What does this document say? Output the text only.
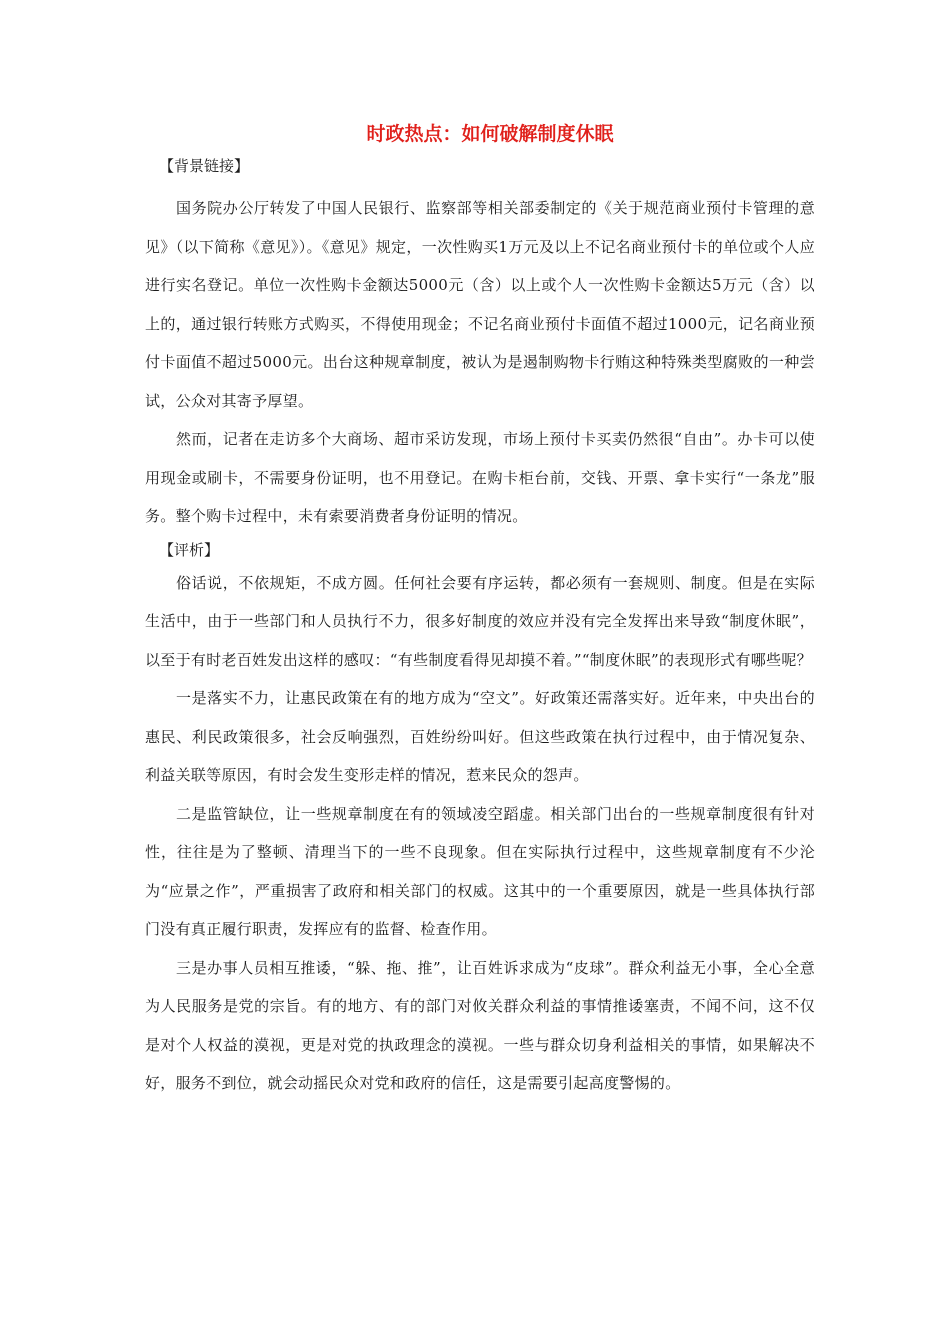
时政热点：如何破解制度休眠
【背景链接】

国务院办公厅转发了中国人民银行、监察部等相关部委制定的《关于规范商业预付卡管理的意见》（以下简称《意见》）。《意见》规定，一次性购买1万元及以上不记名商业预付卡的单位或个人应进行实名登记。单位一次性购卡金额达5000元（含）以上或个人一次性购卡金额达5万元（含）以上的，通过银行转账方式购买，不得使用现金；不记名商业预付卡面值不超过1000元，记名商业预付卡面值不超过5000元。出台这种规章制度，被认为是遏制购物卡行贿这种特殊类型腐败的一种尝试，公众对其寄予厚望。

然而，记者在走访多个大商场、超市采访发现，市场上预付卡买卖仍然很“自由”。办卡可以使用现金或刷卡，不需要身份证明，也不用登记。在购卡柜台前，交钱、开票、拿卡实行“一条龙”服务。整个购卡过程中，未有索要消费者身份证明的情况。

【评析】

俗话说，不依规矩，不成方圆。任何社会要有序运转，都必须有一套规则、制度。但是在实际生活中，由于一些部门和人员执行不力，很多好制度的效应并没有完全发挥出来导致“制度休眠”，以至于有时老百姓发出这样的感叹：“有些制度看得见却摸不着。”“制度休眠”的表现形式有哪些呢？

一是落实不力，让惠民政策在有的地方成为“空文”。好政策还需落实好。近年来，中央出台的惠民、利民政策很多，社会反响强烈，百姓纷纷叫好。但这些政策在执行过程中，由于情况复杂、利益关联等原因，有时会发生变形走样的情况，惹来民众的怨声。

二是监管缺位，让一些规章制度在有的领域凌空蹈虚。相关部门出台的一些规章制度很有针对性，往往是为了整顿、清理当下的一些不良现象。但在实际执行过程中，这些规章制度有不少沦为“应景之作”，严重损害了政府和相关部门的权威。这其中的一个重要原因，就是一些具体执行部门没有真正履行职责，发挥应有的监督、检查作用。

三是办事人员相互推诿，“躲、拖、推”，让百姓诉求成为“皮球”。群众利益无小事，全心全意为人民服务是党的宗旨。有的地方、有的部门对攸关群众利益的事情推诿塞责，不闻不问，这不仅是对个人权益的漠视，更是对党的执政理念的漠视。一些与群众切身利益相关的事情，如果解决不好，服务不到位，就会动摇民众对党和政府的信任，这是需要引起高度警惕的。
